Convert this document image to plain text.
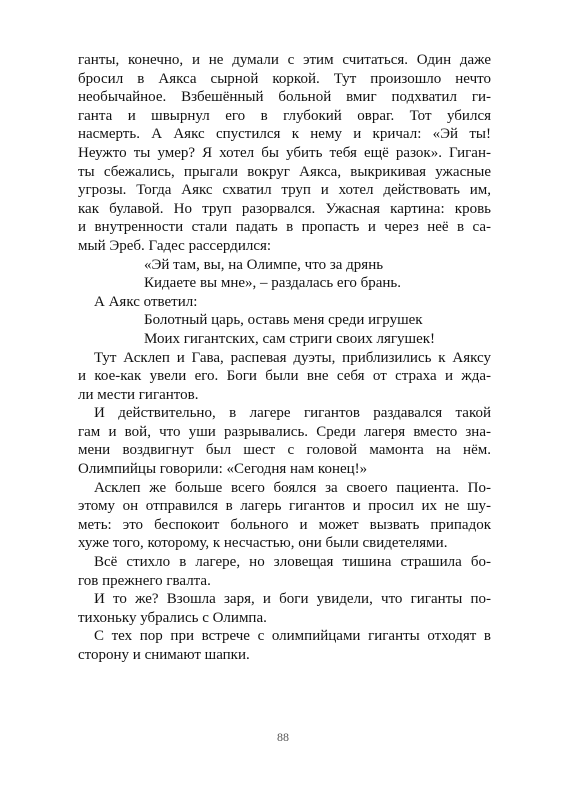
ганты, конечно, и не думали с этим считаться. Один даже
бросил в Аякса сырной коркой. Тут произошло нечто
необычайное. Взбешённый больной вмиг подхватил ги-
ганта и швырнул его в глубокий овраг. Тот убился
насмерть. А Аякс спустился к нему и кричал: «Эй ты!
Неужто ты умер? Я хотел бы убить тебя ещё разок». Гиган-
ты сбежались, прыгали вокруг Аякса, выкрикивая ужасные
угрозы. Тогда Аякс схватил труп и хотел действовать им,
как булавой. Но труп разорвался. Ужасная картина: кровь
и внутренности стали падать в пропасть и через неё в са-
мый Эреб. Гадес рассердился:
«Эй там, вы, на Олимпе, что за дрянь
Кидаете вы мне», – раздалась его брань.
А Аякс ответил:
Болотный царь, оставь меня среди игрушек
Моих гигантских, сам стриги своих лягушек!
Тут Асклеп и Гава, распевая дуэты, приблизились к Аяксу
и кое-как увели его. Боги были вне себя от страха и жда-
ли мести гигантов.
И действительно, в лагере гигантов раздавался такой
гам и вой, что уши разрывались. Среди лагеря вместо зна-
мени воздвигнут был шест с головой мамонта на нём.
Олимпийцы говорили: «Сегодня нам конец!»
Асклеп же больше всего боялся за своего пациента. По-
этому он отправился в лагерь гигантов и просил их не шу-
меть: это беспокоит больного и может вызвать припадок
хуже того, которому, к несчастью, они были свидетелями.
Всё стихло в лагере, но зловещая тишина страшила бо-
гов прежнего гвалта.
И то же? Взошла заря, и боги увидели, что гиганты по-
тихоньку убрались с Олимпа.
С тех пор при встрече с олимпийцами гиганты отходят в
сторону и снимают шапки.
88
